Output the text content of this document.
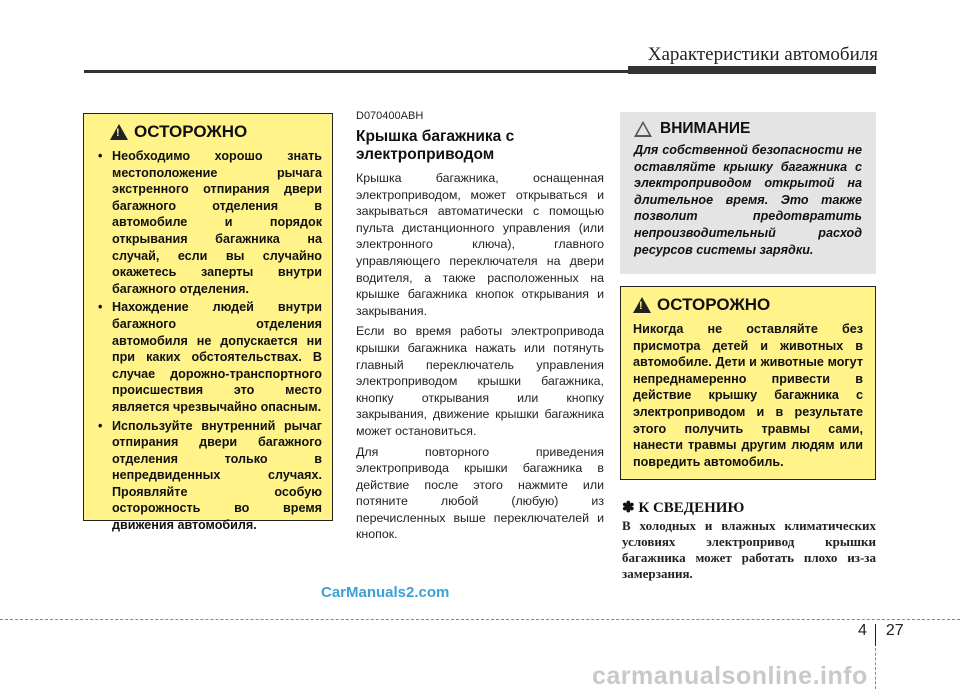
Характеристики автомобиля
!
ОСТОРОЖНО
• Необходимо хорошо знать местоположение рычага экстренного отпирания двери багажного отделения в автомобиле и порядок открывания багажника на случай, если вы случайно окажетесь заперты внутри багажного отделения.
• Нахождение людей внутри багажного отделения автомобиля не допускается ни при каких обстоятельствах. В случае дорожно-транспортного происшествия это место является чрезвычайно опасным.
• Используйте внутренний рычаг отпирания двери багажного отделения только в непредвиденных случаях. Проявляйте особую осторожность во время движения автомобиля.
D070400ABH
Крышка багажника с электроприводом

Крышка багажника, оснащенная электроприводом, может открываться и закрываться автоматически с помощью пульта дистанционного управления (или электронного ключа), главного управляющего переключателя на двери водителя, а также расположенных на крышке багажника кнопок открывания и закрывания.

Если во время работы электропривода крышки багажника нажать или потянуть главный переключатель управления электроприводом крышки багажника, кнопку открывания или кнопку закрывания, движение крышки багажника может остановиться.

Для повторного приведения электропривода крышки багажника в действие после этого нажмите или потяните любой (любую) из перечисленных выше переключателей и кнопок.

ВНИМАНИЕ

Для собственной безопасности не оставляйте крышку багажника с электроприводом открытой на длительное время. Это также позволит предотвратить непроизводительный расход ресурсов системы зарядки.

!
ОСТОРОЖНО

Никогда не оставляйте без присмотра детей и животных в автомобиле. Дети и животные могут непреднамеренно привести в действие крышку багажника с электроприводом и в результате этого получить травмы сами, нанести травмы другим людям или повредить автомобиль.

✽ К СВЕДЕНИЮ

В холодных и влажных климатических условиях электропривод крышки багажника может работать плохо из-за замерзания.

CarManuals2.com
4 27
carmanualsonline.info
